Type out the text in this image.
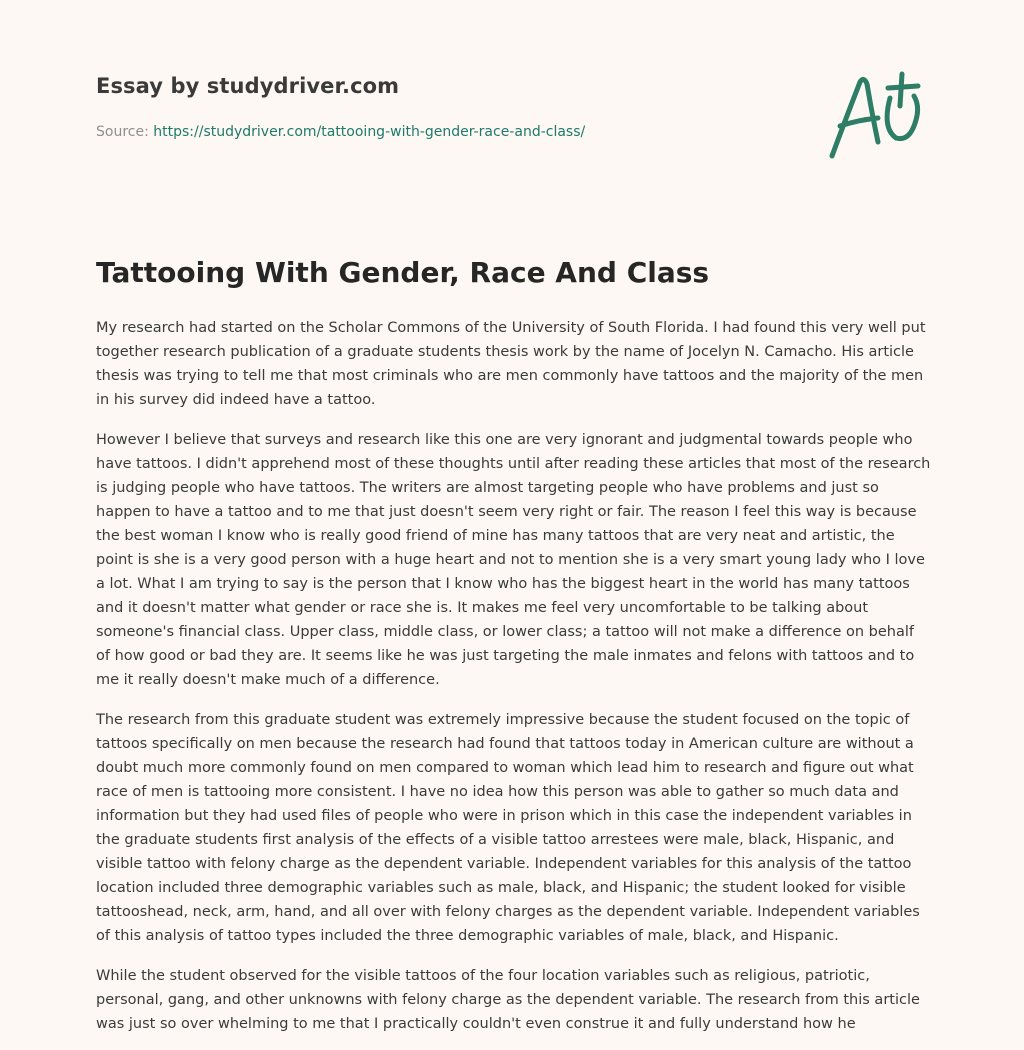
Essay by studydriver.com
Source: https://studydriver.com/tattooing-with-gender-race-and-class/
Tattooing With Gender, Race And Class

My research had started on the Scholar Commons of the University of South Florida. I had found this very well put together research publication of a graduate students thesis work by the name of Jocelyn N. Camacho. His article thesis was trying to tell me that most criminals who are men commonly have tattoos and the majority of the men in his survey did indeed have a tattoo.

However I believe that surveys and research like this one are very ignorant and judgmental towards people who have tattoos. I didn't apprehend most of these thoughts until after reading these articles that most of the research is judging people who have tattoos. The writers are almost targeting people who have problems and just so happen to have a tattoo and to me that just doesn't seem very right or fair. The reason I feel this way is because the best woman I know who is really good friend of mine has many tattoos that are very neat and artistic, the point is she is a very good person with a huge heart and not to mention she is a very smart young lady who I love a lot. What I am trying to say is the person that I know who has the biggest heart in the world has many tattoos and it doesn't matter what gender or race she is. It makes me feel very uncomfortable to be talking about someone's financial class. Upper class, middle class, or lower class; a tattoo will not make a difference on behalf of how good or bad they are. It seems like he was just targeting the male inmates and felons with tattoos and to me it really doesn't make much of a difference.

The research from this graduate student was extremely impressive because the student focused on the topic of tattoos specifically on men because the research had found that tattoos today in American culture are without a doubt much more commonly found on men compared to woman which lead him to research and figure out what race of men is tattooing more consistent. I have no idea how this person was able to gather so much data and information but they had used files of people who were in prison which in this case the independent variables in the graduate students first analysis of the effects of a visible tattoo arrestees were male, black, Hispanic, and visible tattoo with felony charge as the dependent variable. Independent variables for this analysis of the tattoo location included three demographic variables such as male, black, and Hispanic; the student looked for visible tattooshead, neck, arm, hand, and all over with felony charges as the dependent variable. Independent variables of this analysis of tattoo types included the three demographic variables of male, black, and Hispanic.

While the student observed for the visible tattoos of the four location variables such as religious, patriotic, personal, gang, and other unknowns with felony charge as the dependent variable. The research from this article was just so over whelming to me that I practically couldn't even construe it and fully understand how he
